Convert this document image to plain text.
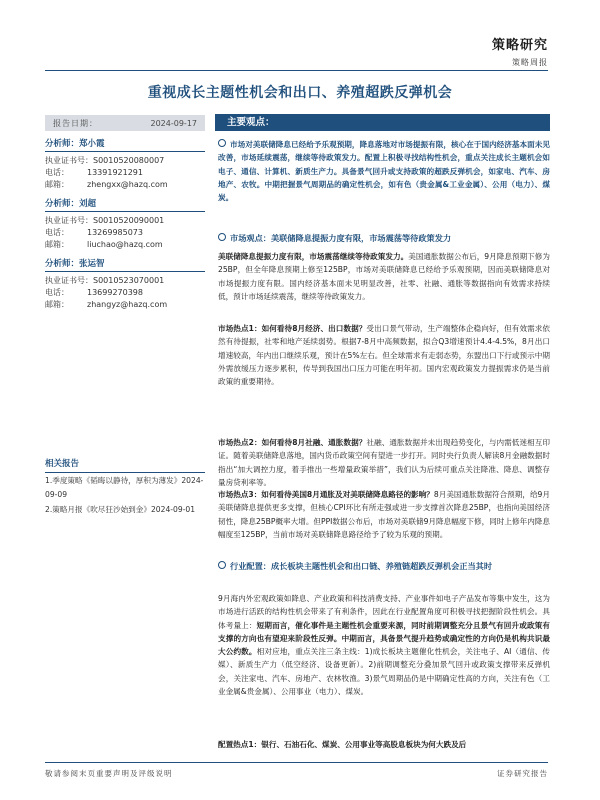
策略研究
策略周报
重视成长主题性机会和出口、养殖超跌反弹机会
报告日期：	2024-09-17
分析师：郑小霞
执业证书号：S0010520080007
电话： 13391921291
邮箱： zhengxx@hazq.com
分析师：刘超
执业证书号：S0010520090001
电话： 13269985073
邮箱： liuchao@hazq.com
分析师：张运智
执业证书号：S0010523070001
电话： 13699270398
邮箱： zhangyz@hazq.com
相关报告
1.季度策略《韬晦以静待，厚积为薄发》2024-09-09
2.策略月报《吹尽狂沙始到金》2024-09-01
主要观点：
市场对美联储降息已经给予乐观预期，降息落地对市场提振有限，核心在于国内经济基本面未见改善，市场延续震荡，继续等待政策发力。配置上积极寻找结构性机会，重点关注成长主题机会如电子、通信、计算机、新质生产力。具备景气回升或支持政策的超跌反弹机会，如家电、汽车、房地产、农牧。中期把握景气周期品的确定性机会，如有色（贵金属&工业金属）、公用（电力）、煤炭。
市场观点：美联储降息提振力度有限，市场震荡等待政策发力
美联储降息提振力度有限，市场震荡继续等待政策发力。美国通胀数据公布后，9月降息预期下修为25BP，但全年降息预期上修至125BP，市场对美联储降息已经给予乐观预期，因而美联储降息对市场提振力度有限。国内经济基本面未见明显改善，社零、社融、通胀等数据指向有效需求持续低，预计市场延续震荡，继续等待政策发力。
市场热点1：如何看待8月经济、出口数据？受出口景气带动，生产端整体企稳向好，但有效需求依然有待提振，社零和地产延续弱势。根据7-8月中高频数据，拟合Q3增速预计4.4-4.5%，8月出口增速较高，年内出口继续乐观，预计在5%左右。但全球需求有走弱态势，东盟出口下行或预示中期外需放缓压力逐步累积，传导到我国出口压力可能在明年初。国内宏观政策发力提振需求仍是当前政策的重要期待。
市场热点2：如何看待8月社融、通胀数据？社融、通胀数据并未出现趋势变化，与内需低迷相互印证。随着美联储降息落地，国内货币政策空间有望进一步打开。同时央行负责人解读8月金融数据时指出“加大调控力度，着手推出一些增量政策举措”，我们认为后续可重点关注降准、降息、调整存量房贷利率等。
市场热点3：如何看待美国8月通胀及对美联储降息路径的影响？8月美国通胀数据符合预期，给9月美联储降息提供更多支撑，但核心CPI环比有所走强或进一步支撑首次降息25BP，也指向美国经济韧性，降息25BP概率大增。但PPI数据公布后，市场对美联储9月降息幅度下修，同时上修年内降息幅度至125BP，当前市场对美联储降息路径给予了较为乐观的预期。
行业配置：成长板块主题性机会和出口链、养殖链超跌反弹机会正当其时
9月海内外宏观政策如降息、产业政策和科技消费支持、产业事件如电子产品发布等集中发生，这为市场进行活跃的结构性机会带来了有利条件，因此在行业配置角度可积极寻找把握阶段性机会。具体考量上：短期而言，催化事件是主题性机会重要来源，同时前期调整充分且景气有回升或政策有支撑的方向也有望迎来阶段性反弹。中期而言，具备景气提升趋势或确定性的方向仍是机构共识最大公约数。相对应地，重点关注三条主线：1)成长板块主题催化性机会，关注电子、AI（通信、传媒）、新质生产力（低空经济、设备更新）。2)前期调整充分叠加景气回升或政策支撑带来反弹机会，关注家电、汽车、房地产、农林牧渔。3)景气周期品仍是中期确定性高的方向，关注有色（工业金属&贵金属）、公用事业（电力）、煤炭。
配置热点1：银行、石油石化、煤炭、公用事业等高股息板块为何大跌及后
敬请参阅末页重要声明及评级说明	证券研究报告
